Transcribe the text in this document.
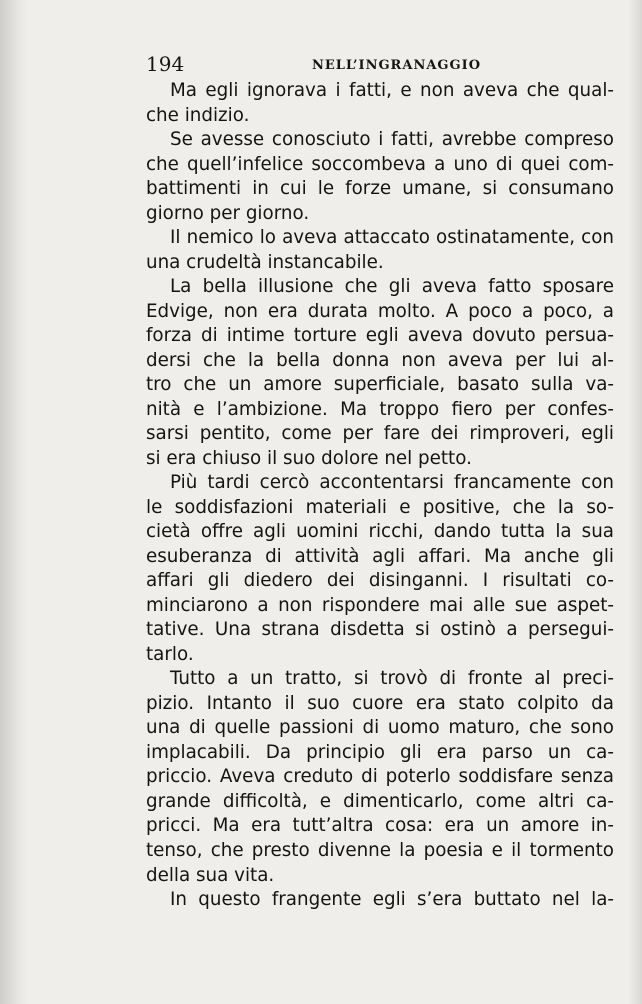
194	NELL’INGRANAGGIO
Ma egli ignorava i fatti, e non aveva che qual-
che indizio.
Se avesse conosciuto i fatti, avrebbe compreso
che quell’infelice soccombeva a uno di quei com-
battimenti in cui le forze umane, si consumano
giorno per giorno.
Il nemico lo aveva attaccato ostinatamente, con
una crudeltà instancabile.
La bella illusione che gli aveva fatto sposare
Edvige, non era durata molto. A poco a poco, a
forza di intime torture egli aveva dovuto persua-
dersi che la bella donna non aveva per lui al-
tro che un amore superficiale, basato sulla va-
nità e l’ambizione. Ma troppo fiero per confes-
sarsi pentito, come per fare dei rimproveri, egli
si era chiuso il suo dolore nel petto.
Più tardi cercò accontentarsi francamente con
le soddisfazioni materiali e positive, che la so-
cietà offre agli uomini ricchi, dando tutta la sua
esuberanza di attività agli affari. Ma anche gli
affari gli diedero dei disinganni. I risultati co-
minciarono a non rispondere mai alle sue aspet-
tative. Una strana disdetta si ostinò a persegui-
tarlo.
Tutto a un tratto, si trovò di fronte al preci-
pizio. Intanto il suo cuore era stato colpito da
una di quelle passioni di uomo maturo, che sono
implacabili. Da principio gli era parso un ca-
priccio. Aveva creduto di poterlo soddisfare senza
grande difficoltà, e dimenticarlo, come altri ca-
pricci. Ma era tutt’altra cosa: era un amore in-
tenso, che presto divenne la poesia e il tormento
della sua vita.
In questo frangente egli s’era buttato nel la-
